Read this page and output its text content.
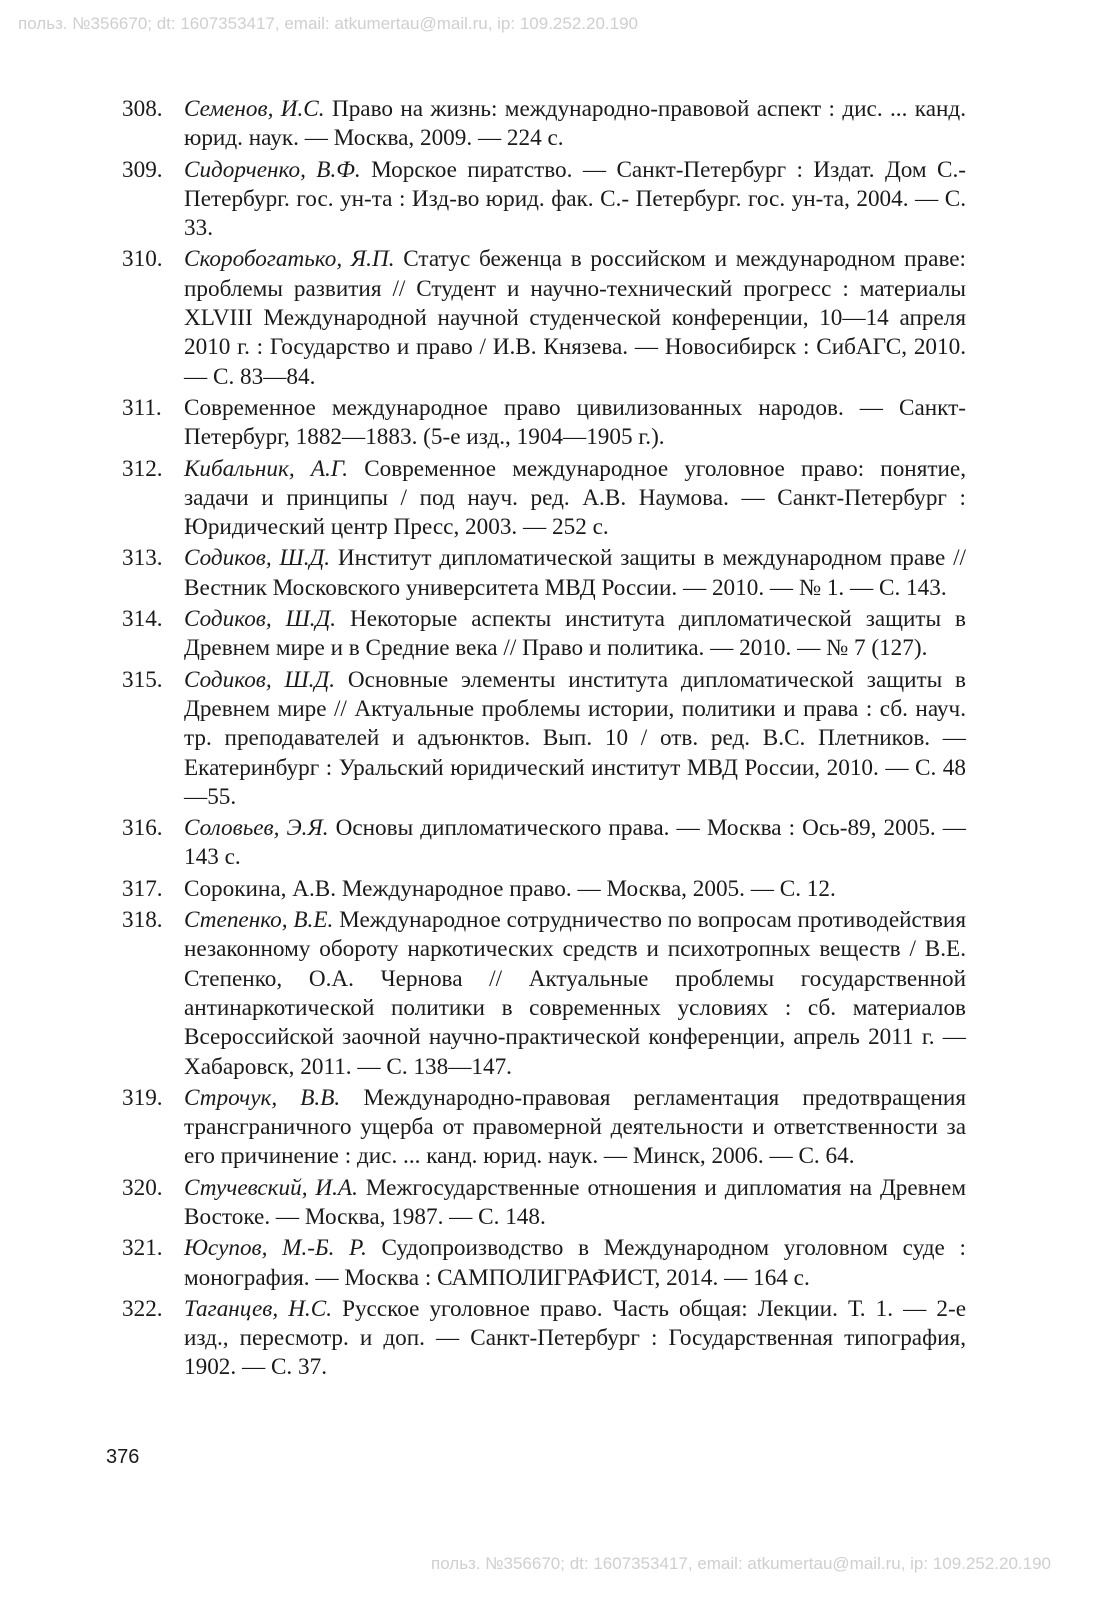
польз. №356670; dt: 1607353417, email: atkumertau@mail.ru, ip: 109.252.20.190
308. Семенов, И.С. Право на жизнь: международно-правовой аспект : дис. ... канд. юрид. наук. — Москва, 2009. — 224 с.
309. Сидорченко, В.Ф. Морское пиратство. — Санкт-Петербург : Издат. Дом С.- Петербург. гос. ун-та : Изд-во юрид. фак. С.- Петербург. гос. ун-та, 2004. — С. 33.
310. Скоробогатько, Я.П. Статус беженца в российском и международном праве: проблемы развития // Студент и научно-технический прогресс : материалы XLVIII Международной научной студенческой конференции, 10—14 апреля 2010 г. : Государство и право / И.В. Князева. — Новосибирск : СибАГС, 2010. — С. 83—84.
311. Современное международное право цивилизованных народов. — Санкт-Петербург, 1882—1883. (5-е изд., 1904—1905 г.).
312. Кибальник, А.Г. Современное международное уголовное право: понятие, задачи и принципы / под науч. ред. А.В. Наумова. — Санкт-Петербург : Юридический центр Пресс, 2003. — 252 с.
313. Содиков, Ш.Д. Институт дипломатической защиты в международном праве // Вестник Московского университета МВД России. — 2010. — № 1. — С. 143.
314. Содиков, Ш.Д. Некоторые аспекты института дипломатической защиты в Древнем мире и в Средние века // Право и политика. — 2010. — № 7 (127).
315. Содиков, Ш.Д. Основные элементы института дипломатической защиты в Древнем мире // Актуальные проблемы истории, политики и права : сб. науч. тр. преподавателей и адъюнктов. Вып. 10 / отв. ред. В.С. Плетников. — Екатеринбург : Уральский юридический институт МВД России, 2010. — С. 48—55.
316. Соловьев, Э.Я. Основы дипломатического права. — Москва : Ось-89, 2005. — 143 с.
317. Сорокина, А.В. Международное право. — Москва, 2005. — С. 12.
318. Степенко, В.Е. Международное сотрудничество по вопросам противодействия незаконному обороту наркотических средств и психотропных веществ / В.Е. Степенко, О.А. Чернова // Актуальные проблемы государственной антинаркотической политики в современных условиях : сб. материалов Всероссийской заочной научно-практической конференции, апрель 2011 г. — Хабаровск, 2011. — С. 138—147.
319. Строчук, В.В. Международно-правовая регламентация предотвращения трансграничного ущерба от правомерной деятельности и ответственности за его причинение : дис. ... канд. юрид. наук. — Минск, 2006. — С. 64.
320. Стучевский, И.А. Межгосударственные отношения и дипломатия на Древнем Востоке. — Москва, 1987. — С. 148.
321. Юсупов, М.-Б. Р. Судопроизводство в Международном уголовном суде : монография. — Москва : САМПОЛИГРАФИСТ, 2014. — 164 с.
322. Таганцев, Н.С. Русское уголовное право. Часть общая: Лекции. Т. 1. — 2-е изд., пересмотр. и доп. — Санкт-Петербург : Государственная типография, 1902. — С. 37.
376
польз. №356670; dt: 1607353417, email: atkumertau@mail.ru, ip: 109.252.20.190
